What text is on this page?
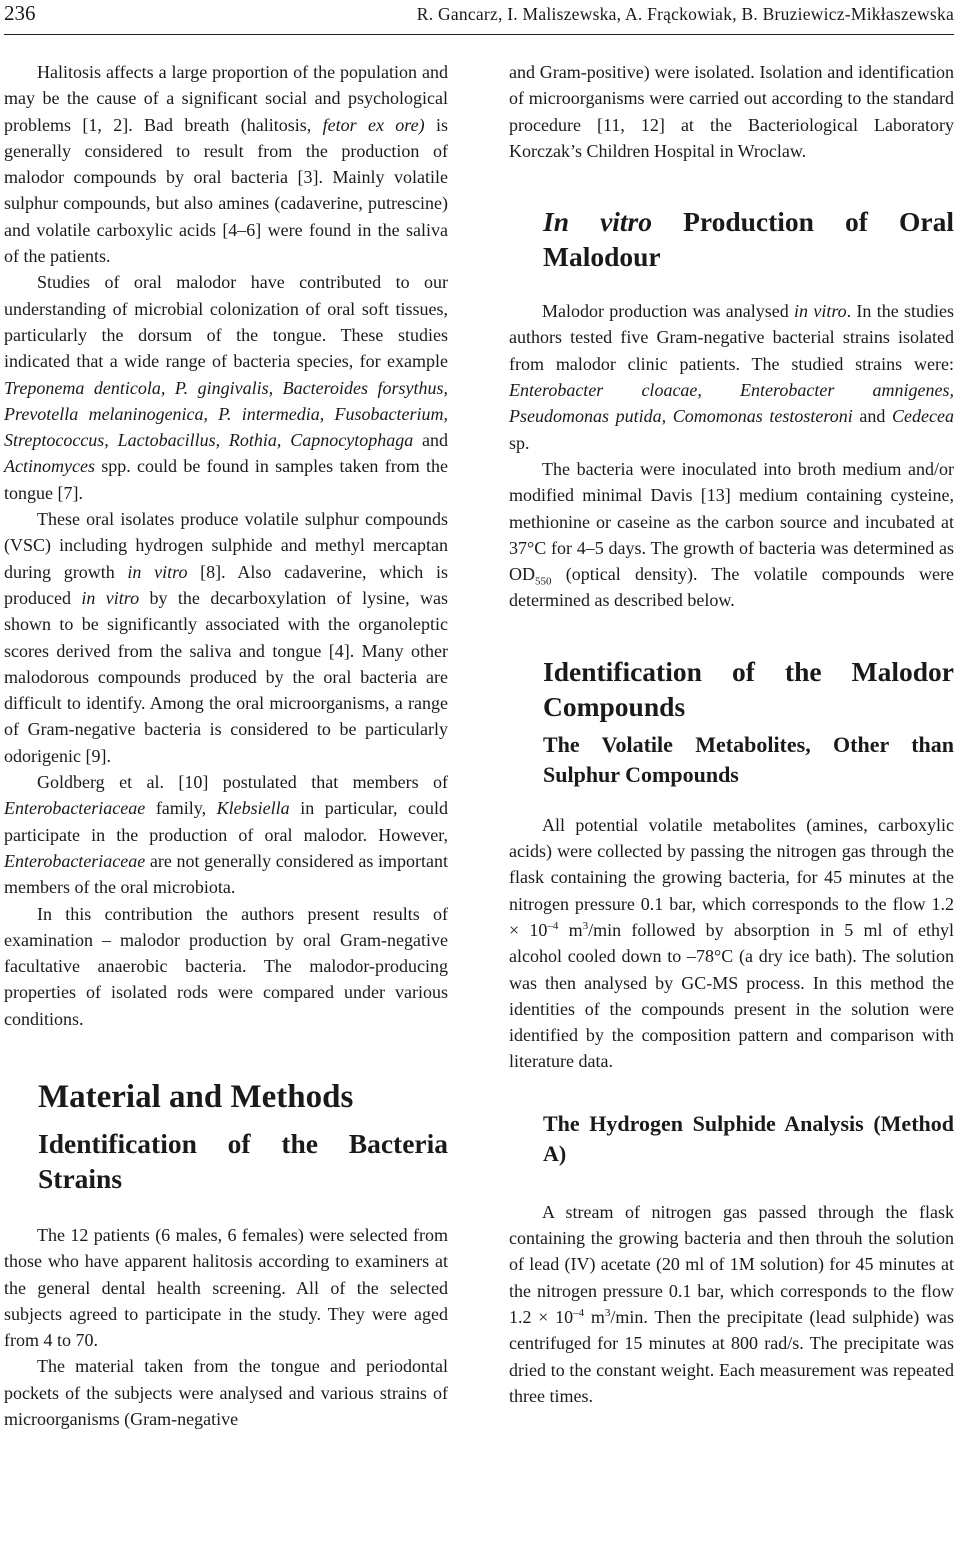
236	R. Gancarz, I. Maliszewska, A. Frąckowiak, B. Bruziewicz-Mikłaszewska

Halitosis affects a large proportion of the population and may be the cause of a significant social and psychological problems [1, 2]. Bad breath (halitosis, fetor ex ore) is generally considered to result from the production of malodor compounds by oral bacteria [3]. Mainly volatile sulphur compounds, but also amines (cadaverine, putrescine) and volatile carboxylic acids [4–6] were found in the saliva of the patients.

Studies of oral malodor have contributed to our understanding of microbial colonization of oral soft tissues, particularly the dorsum of the tongue. These studies indicated that a wide range of bacteria species, for example Treponema denticola, P. gingivalis, Bacteroides forsythus, Prevotella melaninogenica, P. intermedia, Fusobacterium, Streptococcus, Lactobacillus, Rothia, Capnocytophaga and Actinomyces spp. could be found in samples taken from the tongue [7].

These oral isolates produce volatile sulphur compounds (VSC) including hydrogen sulphide and methyl mercaptan during growth in vitro [8]. Also cadaverine, which is produced in vitro by the decarboxylation of lysine, was shown to be significantly associated with the organoleptic scores derived from the saliva and tongue [4]. Many other malodorous compounds produced by the oral bacteria are difficult to identify. Among the oral microorganisms, a range of Gram-negative bacteria is considered to be particularly odorigenic [9].

Goldberg et al. [10] postulated that members of Enterobacteriaceae family, Klebsiella in particular, could participate in the production of oral malodor. However, Enterobacteriaceae are not generally considered as important members of the oral microbiota.

In this contribution the authors present results of examination – malodor production by oral Gram-negative facultative anaerobic bacteria. The malodor-producing properties of isolated rods were compared under various conditions.

Material and Methods
Identification of the Bacteria Strains

The 12 patients (6 males, 6 females) were selected from those who have apparent halitosis according to examiners at the general dental health screening. All of the selected subjects agreed to participate in the study. They were aged from 4 to 70.

The material taken from the tongue and periodontal pockets of the subjects were analysed and various strains of microorganisms (Gram-negative

and Gram-positive) were isolated. Isolation and identification of microorganisms were carried out according to the standard procedure [11, 12] at the Bacteriological Laboratory Korczak’s Children Hospital in Wroclaw.

In vitro Production of Oral Malodour

Malodor production was analysed in vitro. In the studies authors tested five Gram-negative bacterial strains isolated from malodor clinic patients. The studied strains were: Enterobacter cloacae, Enterobacter amnigenes, Pseudomonas putida, Comomonas testosteroni and Cedecea sp.

The bacteria were inoculated into broth medium and/or modified minimal Davis [13] medium containing cysteine, methionine or caseine as the carbon source and incubated at 37°C for 4–5 days. The growth of bacteria was determined as $OD_{550}$ (optical density). The volatile compounds were determined as described below.

Identification of the Malodor Compounds
The Volatile Metabolites, Other than Sulphur Compounds

All potential volatile metabolites (amines, carboxylic acids) were collected by passing the nitrogen gas through the flask containing the growing bacteria, for 45 minutes at the nitrogen pressure 0.1 bar, which corresponds to the flow $1.2 \times 10^{-4}$ $m^3/\min$ followed by absorption in 5 ml of ethyl alcohol cooled down to –78°C (a dry ice bath). The solution was then analysed by GC-MS process. In this method the identities of the compounds present in the solution were identified by the composition pattern and comparison with literature data.

The Hydrogen Sulphide Analysis (Method A)

A stream of nitrogen gas passed through the flask containing the growing bacteria and then throuh the solution of lead (IV) acetate (20 ml of 1M solution) for 45 minutes at the nitrogen pressure 0.1 bar, which corresponds to the flow $1.2 \times 10^{-4}$ $m^3/\min$. Then the precipitate (lead sulphide) was centrifuged for 15 minutes at 800 rad/s. The precipitate was dried to the constant weight. Each measurement was repeated three times.
